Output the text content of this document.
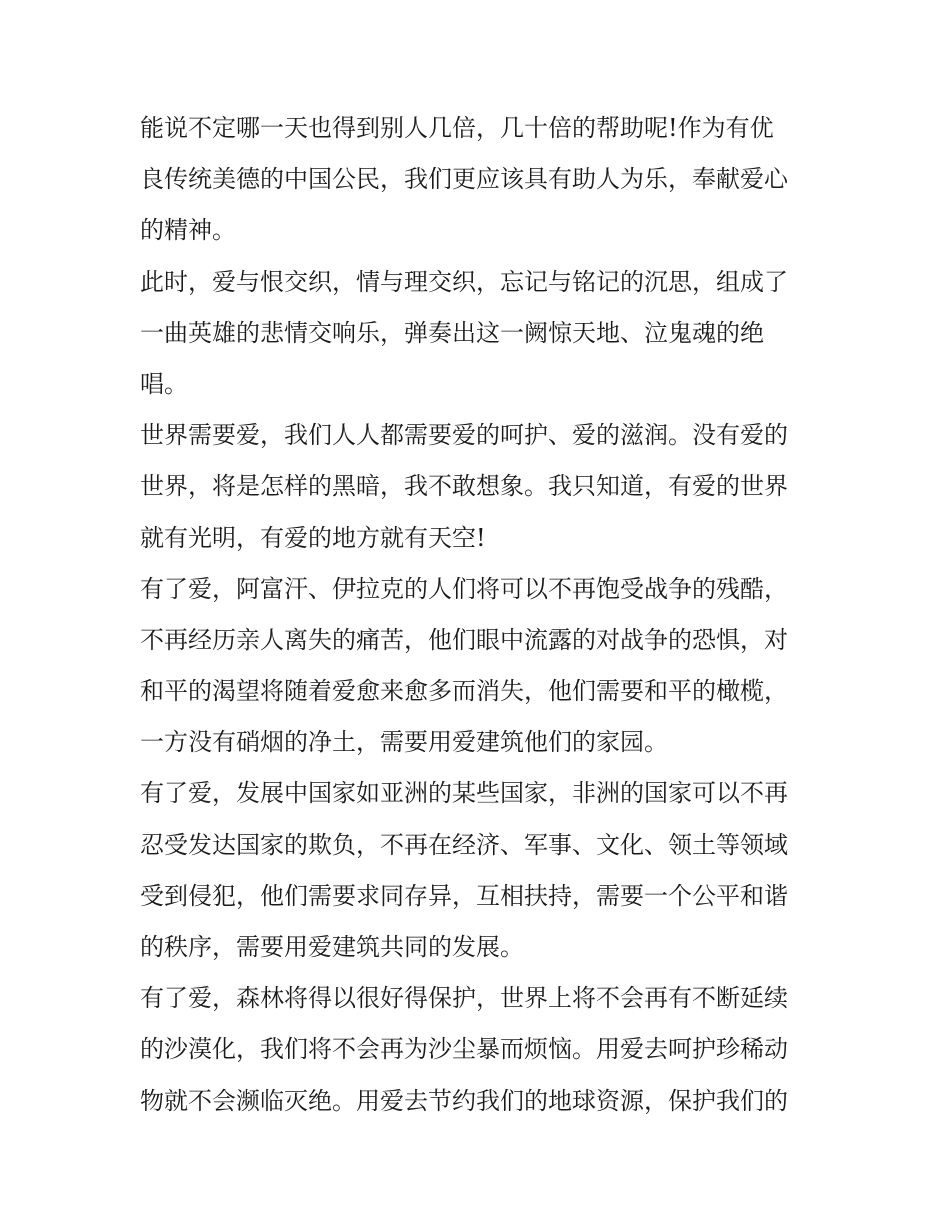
能说不定哪一天也得到别人几倍，几十倍的帮助呢!作为有优
良传统美德的中国公民，我们更应该具有助人为乐，奉献爱心
的精神。
此时，爱与恨交织，情与理交织，忘记与铭记的沉思，组成了
一曲英雄的悲情交响乐，弹奏出这一阙惊天地、泣鬼魂的绝
唱。
世界需要爱，我们人人都需要爱的呵护、爱的滋润。没有爱的
世界，将是怎样的黑暗，我不敢想象。我只知道，有爱的世界
就有光明，有爱的地方就有天空!
有了爱，阿富汗、伊拉克的人们将可以不再饱受战争的残酷，
不再经历亲人离失的痛苦，他们眼中流露的对战争的恐惧，对
和平的渴望将随着爱愈来愈多而消失，他们需要和平的橄榄，
一方没有硝烟的净土，需要用爱建筑他们的家园。
有了爱，发展中国家如亚洲的某些国家，非洲的国家可以不再
忍受发达国家的欺负，不再在经济、军事、文化、领土等领域
受到侵犯，他们需要求同存异，互相扶持，需要一个公平和谐
的秩序，需要用爱建筑共同的发展。
有了爱，森林将得以很好得保护，世界上将不会再有不断延续
的沙漠化，我们将不会再为沙尘暴而烦恼。用爱去呵护珍稀动
物就不会濒临灭绝。用爱去节约我们的地球资源，保护我们的
